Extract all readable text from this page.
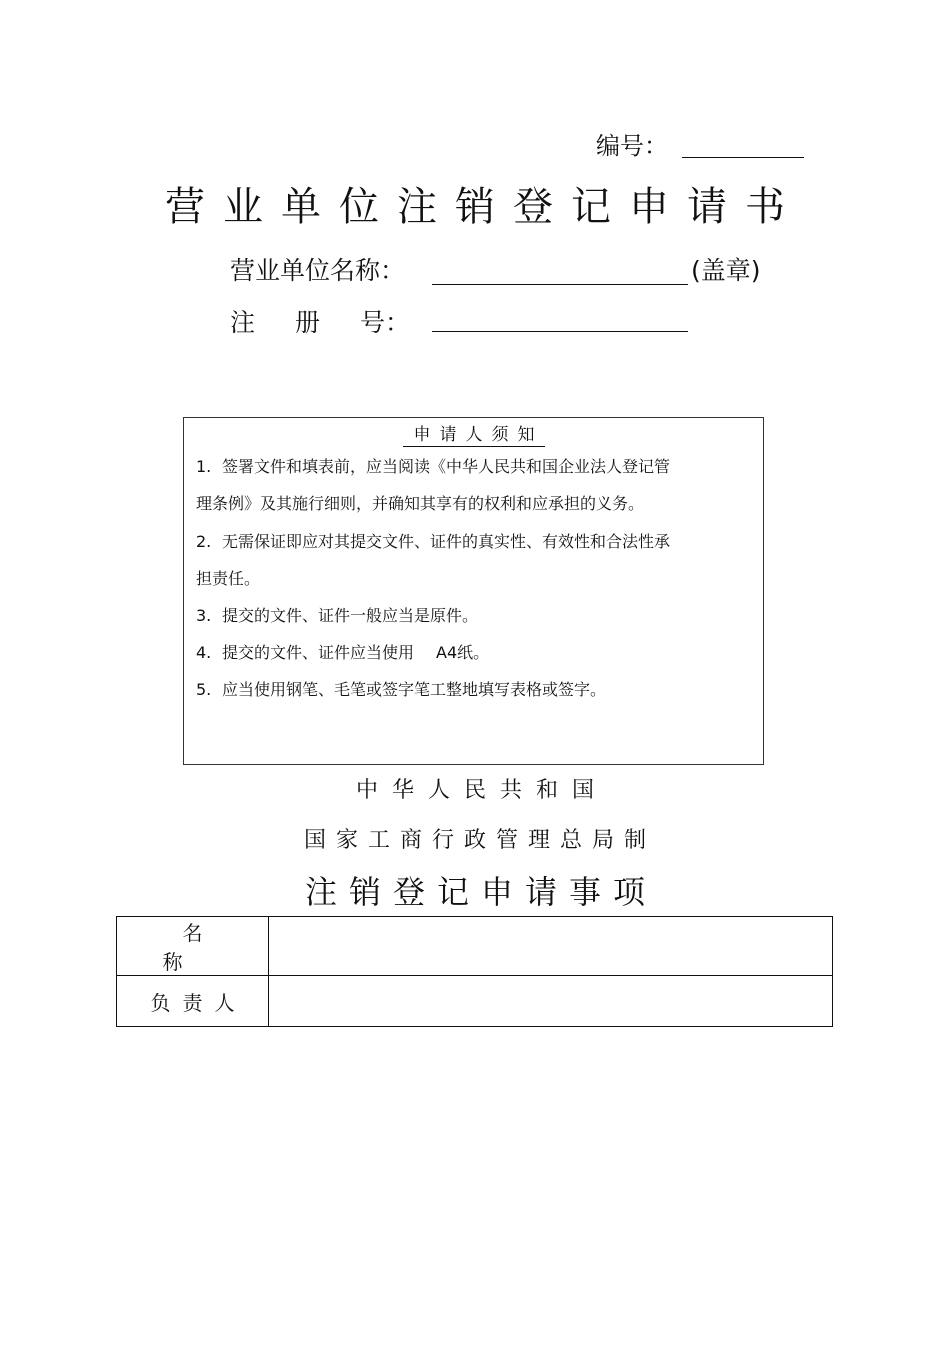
编号：
营业单位注销登记申请书
营业单位名称：	(盖章)
注 册 号：
申请人须知
1. 签署文件和填表前，应当阅读《中华人民共和国企业法人登记管
理条例》及其施行细则，并确知其享有的权利和应承担的义务。
2. 无需保证即应对其提交文件、证件的真实性、有效性和合法性承
担责任。
3. 提交的文件、证件一般应当是原件。
4. 提交的文件、证件应当使用 A4纸。
5. 应当使用钢笔、毛笔或签字笔工整地填写表格或签字。
中华人民共和国
国家工商行政管理总局制
注销登记申请事项
名称	
负责人	
